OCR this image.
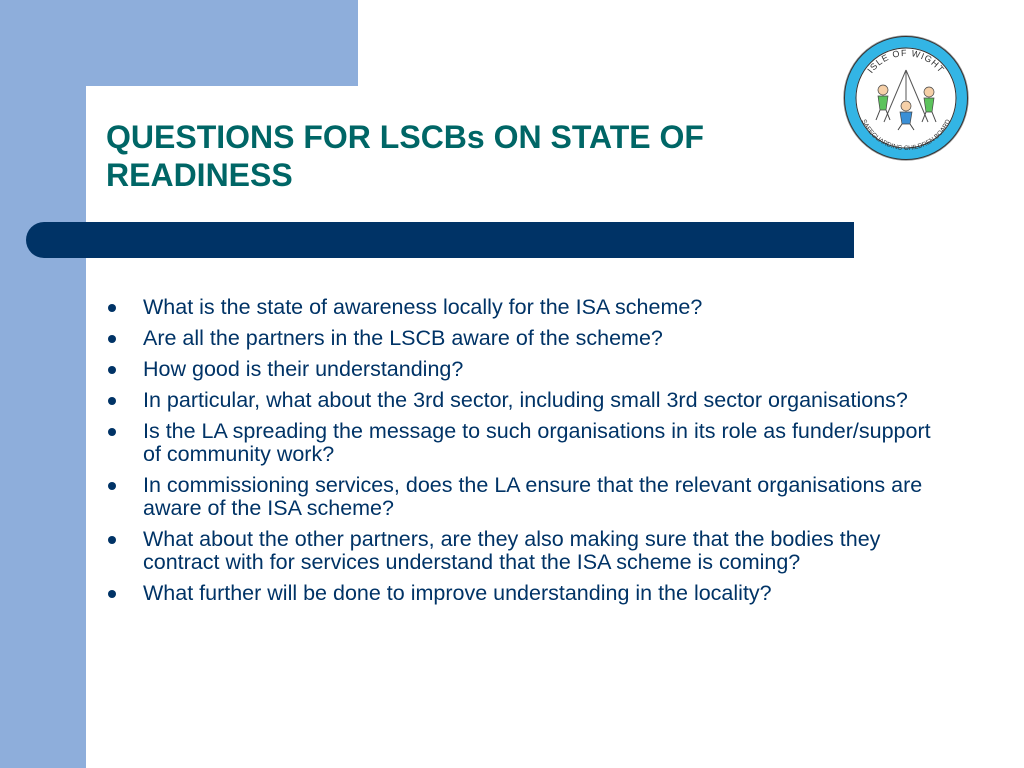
QUESTIONS FOR LSCBs ON STATE OF
READINESS
ISLE OF WIGHT
SAFEGUARDING CHILDREN BOARD
What is the state of awareness locally for the ISA scheme?
Are all the partners in the LSCB aware of the scheme?
How good is their understanding?
In particular, what about the 3rd sector, including small 3rd sector organisations?
Is the LA spreading the message to such organisations in its role as funder/support of community work?
In commissioning services, does the LA ensure that the relevant organisations are aware of the ISA scheme?
What about the other partners, are they also making sure that the bodies they contract with for services understand that the ISA scheme is coming?
What further will be done to improve understanding in the locality?
